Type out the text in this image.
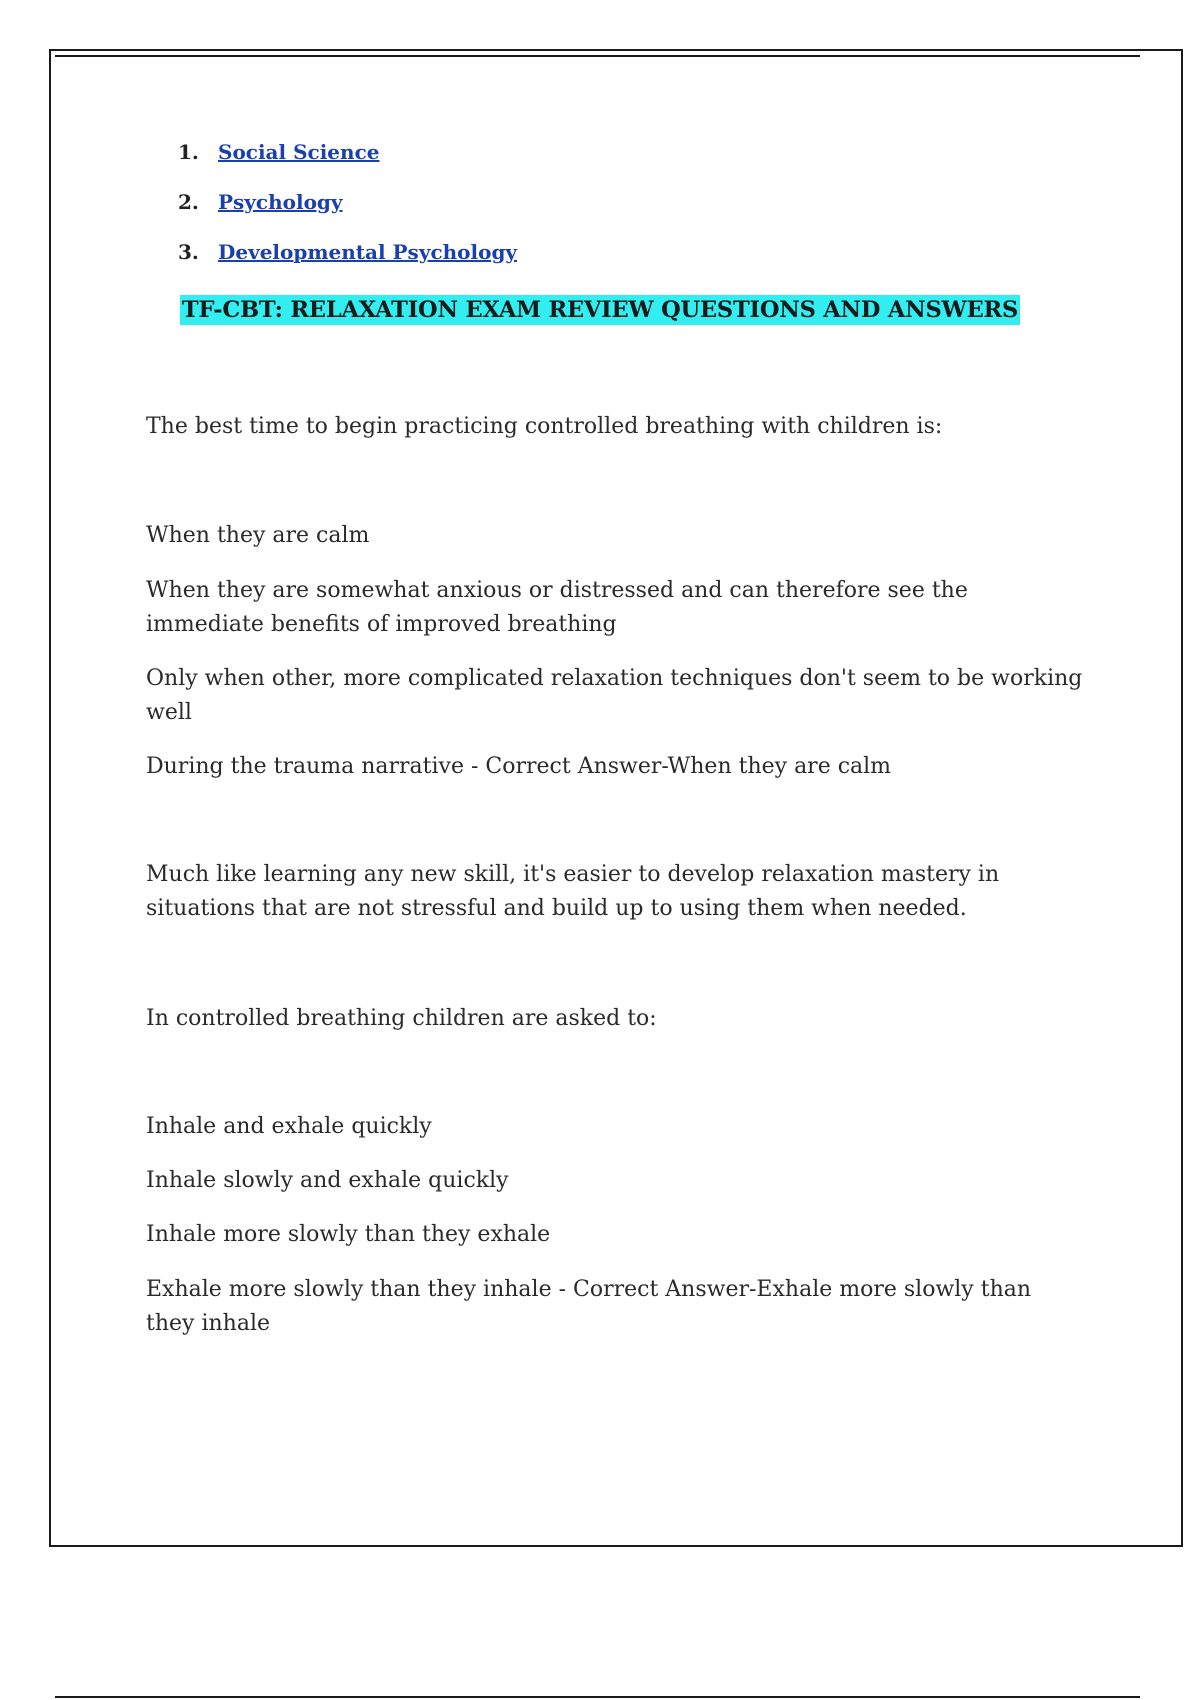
1. Social Science
2. Psychology
3. Developmental Psychology
TF-CBT: RELAXATION EXAM REVIEW QUESTIONS AND ANSWERS

The best time to begin practicing controlled breathing with children is:

When they are calm

When they are somewhat anxious or distressed and can therefore see the immediate benefits of improved breathing

Only when other, more complicated relaxation techniques don't seem to be working well

During the trauma narrative - Correct Answer-When they are calm

Much like learning any new skill, it's easier to develop relaxation mastery in situations that are not stressful and build up to using them when needed.

In controlled breathing children are asked to:

Inhale and exhale quickly

Inhale slowly and exhale quickly

Inhale more slowly than they exhale

Exhale more slowly than they inhale - Correct Answer-Exhale more slowly than they inhale
